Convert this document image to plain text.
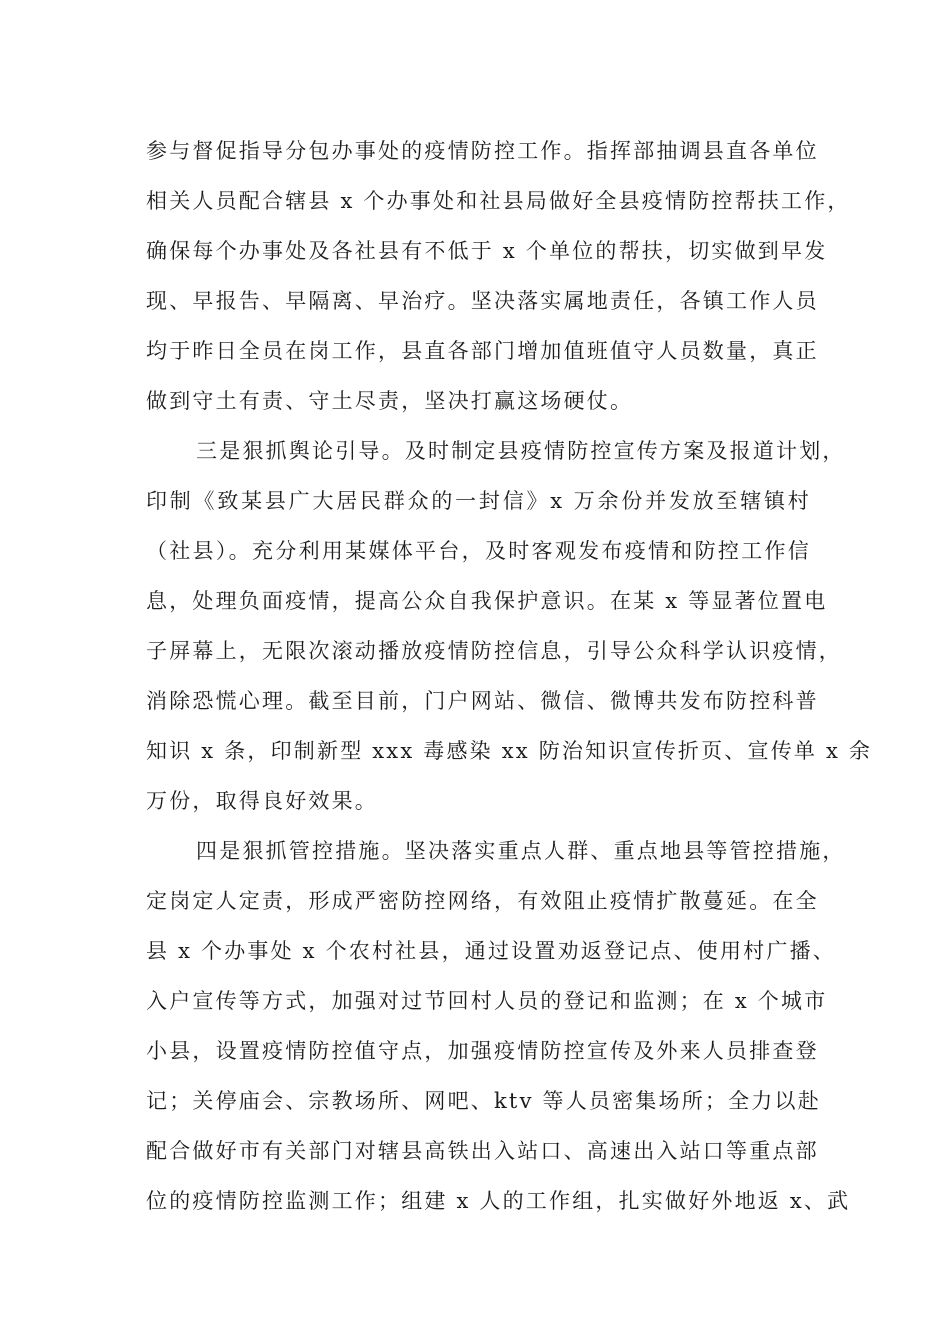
参与督促指导分包办事处的疫情防控工作。指挥部抽调县直各单位
相关人员配合辖县 x 个办事处和社县局做好全县疫情防控帮扶工作，
确保每个办事处及各社县有不低于 x 个单位的帮扶，切实做到早发
现、早报告、早隔离、早治疗。坚决落实属地责任，各镇工作人员
均于昨日全员在岗工作，县直各部门增加值班值守人员数量，真正
做到守土有责、守土尽责，坚决打赢这场硬仗。
三是狠抓舆论引导。及时制定县疫情防控宣传方案及报道计划，
印制《致某县广大居民群众的一封信》x 万余份并发放至辖镇村
（社县）。充分利用某媒体平台，及时客观发布疫情和防控工作信
息，处理负面疫情，提高公众自我保护意识。在某 x 等显著位置电
子屏幕上，无限次滚动播放疫情防控信息，引导公众科学认识疫情，
消除恐慌心理。截至目前，门户网站、微信、微博共发布防控科普
知识 x 条，印制新型 xxx 毒感染 xx 防治知识宣传折页、宣传单 x 余
万份，取得良好效果。
四是狠抓管控措施。坚决落实重点人群、重点地县等管控措施，
定岗定人定责，形成严密防控网络，有效阻止疫情扩散蔓延。在全
县 x 个办事处 x 个农村社县，通过设置劝返登记点、使用村广播、
入户宣传等方式，加强对过节回村人员的登记和监测；在 x 个城市
小县，设置疫情防控值守点，加强疫情防控宣传及外来人员排查登
记；关停庙会、宗教场所、网吧、ktv 等人员密集场所；全力以赴
配合做好市有关部门对辖县高铁出入站口、高速出入站口等重点部
位的疫情防控监测工作；组建 x 人的工作组，扎实做好外地返 x、武
